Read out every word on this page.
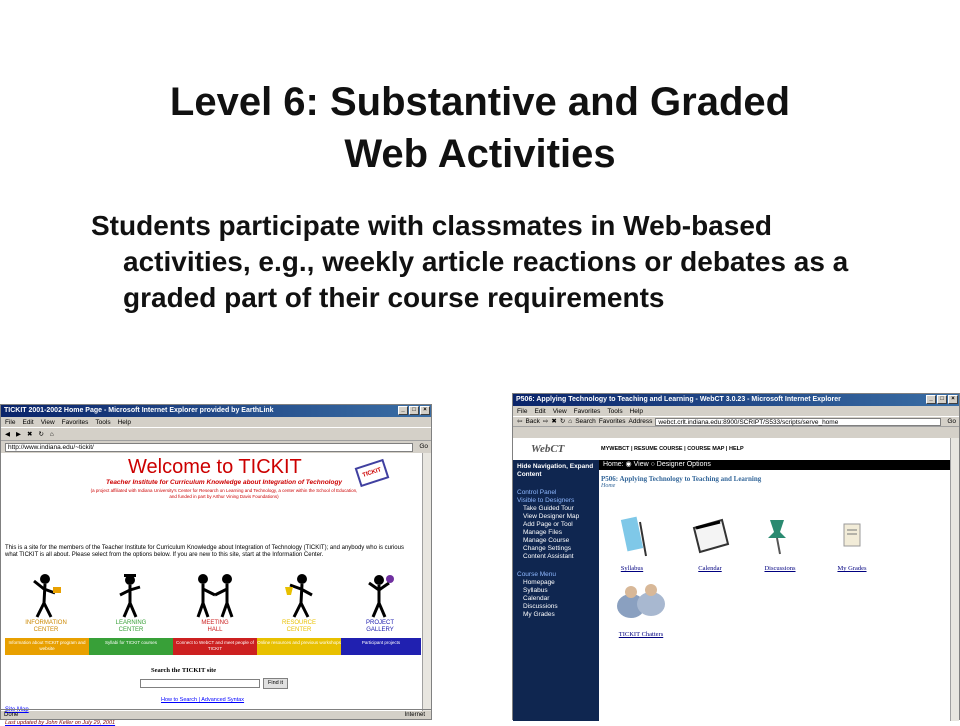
Level 6: Substantive and Graded
Web Activities
Students participate with classmates in Web-based activities, e.g., weekly article reactions or debates as a graded part of their course requirements
TICKIT 2001-2002 Home Page - Microsoft Internet Explorer provided by EarthLink	_	□	×
File Edit View Favorites Tools Help
◀ ▶ ✖ ↻ ⌂
http://www.indiana.edu/~tickit/	Go
Welcome to TICKIT
Teacher Institute for Curriculum Knowledge about Integration of Technology
(a project affiliated with Indiana University's Center for Research on Learning and Technology, a center within the School of Education, and funded in part by Arthur Vining Davis Foundations)
TICKIT
This is a site for the members of the Teacher Institute for Curriculum Knowledge about Integration of Technology (TICKIT); and anybody who is curious what TICKIT is all about. Please select from the options below. If you are new to this site, start at the Information Center.
INFORMATION
CENTER
LEARNING
CENTER
MEETING
HALL
RESOURCE
CENTER
PROJECT
GALLERY
Information about TICKIT program and website
Syllabi for TICKIT courses	Connect to WebCT and meet people of TICKIT
Online resources and previous workshops	Participant projects
Search the TICKIT site
Find it
How to Search | Advanced Syntax
Site Map
Last updated by John Keller on July 29, 2001
Done	Internet
P506: Applying Technology to Teaching and Learning - WebCT 3.0.23 - Microsoft Internet Explorer	_	□	×
File Edit View Favorites Tools Help
⇦ Back ⇨ ✖ ↻ ⌂ Search Favorites Address webct.crlt.indiana.edu:8900/SCRIPT/S533/scripts/serve_home	Go
WebCT	MYWEBCT | RESUME COURSE | COURSE MAP | HELP
Hide Navigation, Expand Content
Control Panel
Visible to Designers
Take Guided Tour
View Designer Map
Add Page or Tool
Manage Files
Manage Course
Change Settings
Content Assistant
Course Menu
Homepage
Syllabus
Calendar
Discussions
My Grades
Home: ◉ View ○ Designer Options
P506: Applying Technology to Teaching and Learning
Home
Syllabus	Calendar	Discussions	My Grades
TICKIT Chatters
